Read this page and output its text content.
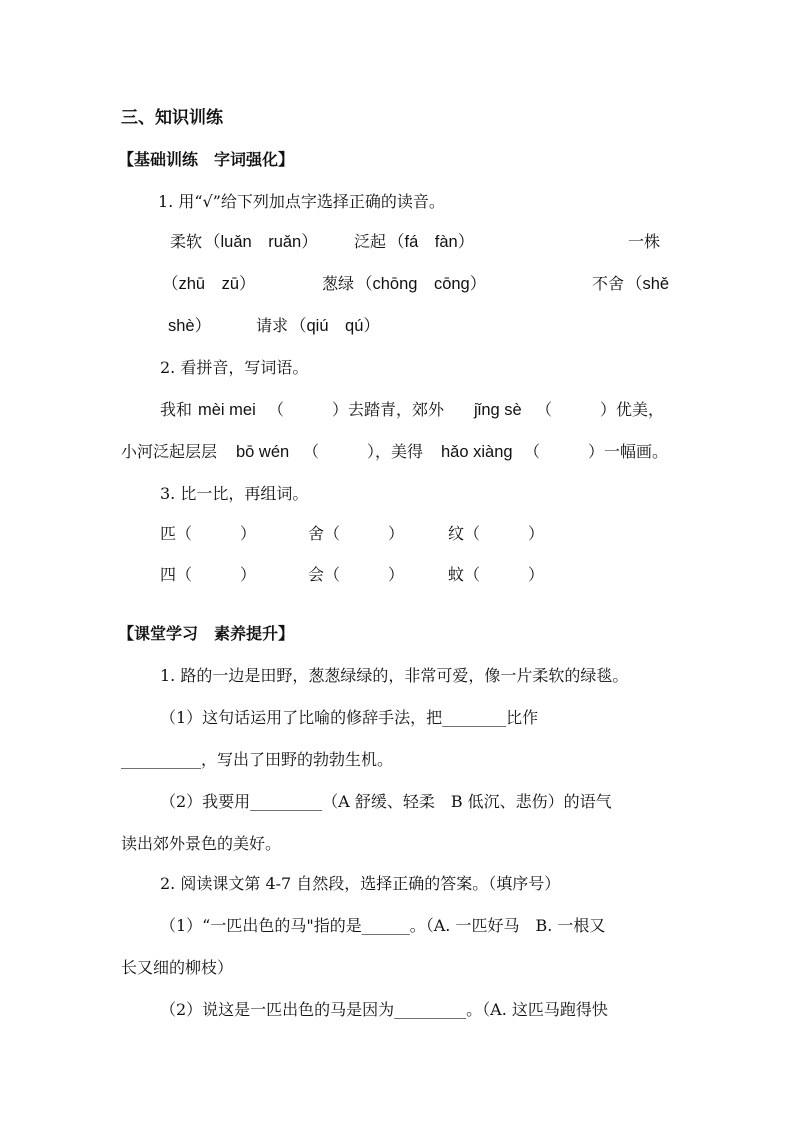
三、知识训练
【基础训练　字词强化】
1. 用“√”给下列加点字选择正确的读音。
柔软 （luǎn　ruǎn） 泛起 （fá　fàn）	一株
（zhū　zū）	葱绿 （chōng　cōng）	不舍 （shě
shè）	请求 （qiú　qú）
2. 看拼音，写词语。
我和 mèi mei （　　　）去踏青，郊外 jǐng sè （　　　）优美，
小河泛起层层 bō wén （　　　），美得 hǎo xiàng （　　　）一幅画。
3. 比一比，再组词。
匹（　　　）	舍（　　　）	纹（　　　）
四（　　　）	会（　　　）	蚊（　　　）
【课堂学习　素养提升】
1. 路的一边是田野，葱葱绿绿的，非常可爱，像一片柔软的绿毯。
（1）这句话运用了比喻的修辞手法，把________比作
__________，写出了田野的勃勃生机。
（2）我要用_________（A 舒缓、轻柔　B 低沉、悲伤）的语气
读出郊外景色的美好。
2. 阅读课文第 4-7 自然段，选择正确的答案。（填序号）
（1）“一匹出色的马"指的是______。（A. 一匹好马　B. 一根又
长又细的柳枝）
（2）说这是一匹出色的马是因为_________。（A. 这匹马跑得快
